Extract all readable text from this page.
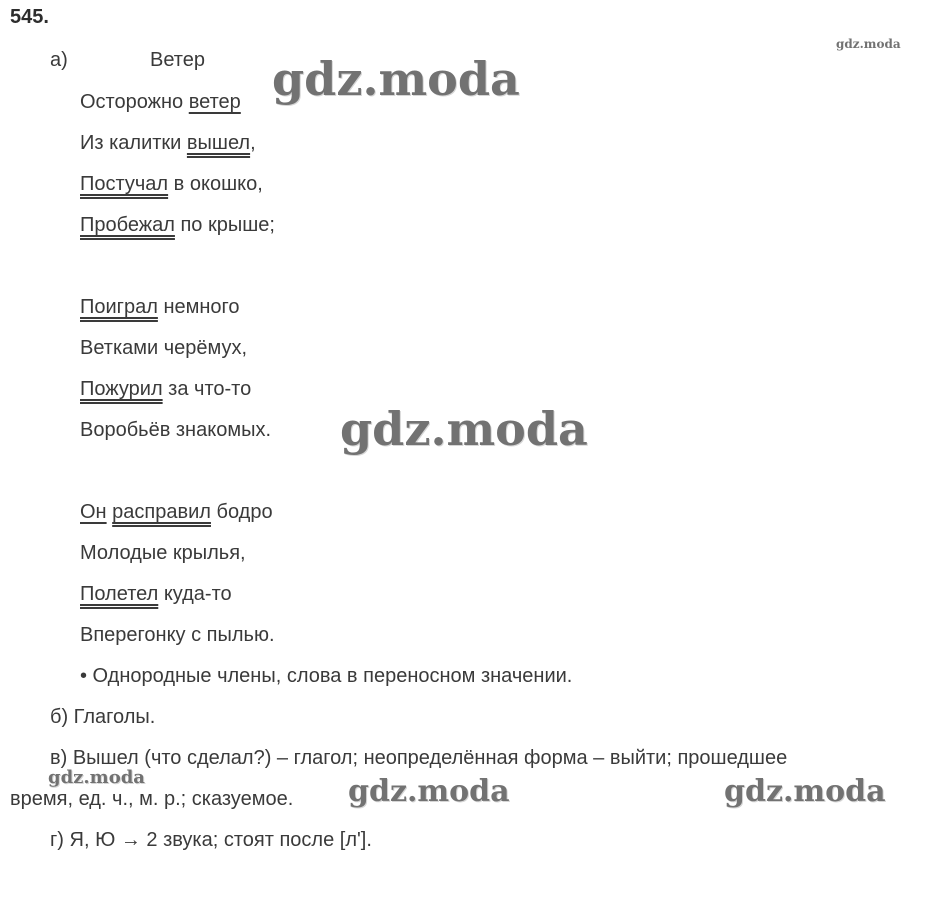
545.
а)	Ветер
Осторожно ветер
Из калитки вышел,
Постучал в окошко,
Пробежал по крыше;
Поиграл немного
Ветками черёмух,
Пожурил за что-то
Воробьёв знакомых.
Он расправил бодро
Молодые крылья,
Полетел куда-то
Вперегонку с пылью.
• Однородные члены, слова в переносном значении.
б) Глаголы.
в) Вышел (что сделал?) – глагол; неопределённая форма – выйти; прошедшее
время, ед. ч., м. р.; сказуемое.
г) Я, Ю → 2 звука; стоят после [л'].
gdz.moda
gdz.moda
gdz.moda
gdz.moda	gdz.moda	gdz.moda
